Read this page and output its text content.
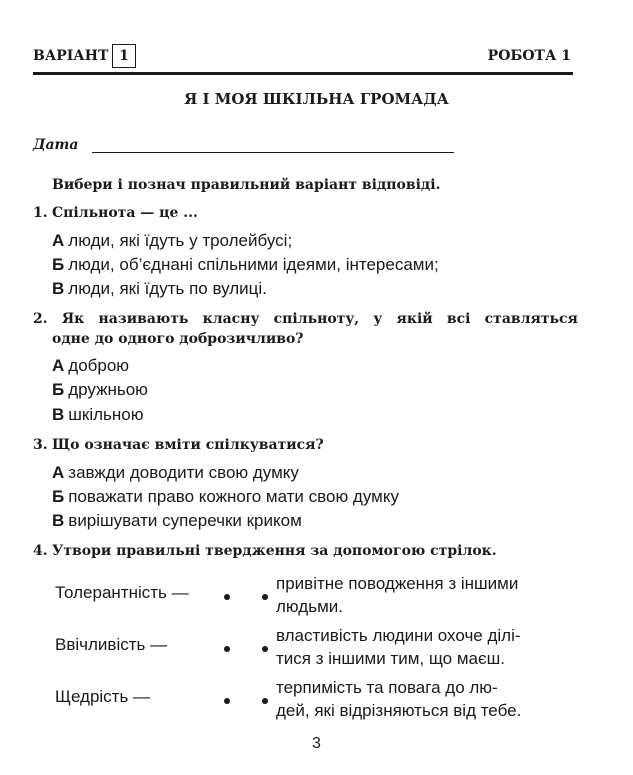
ВАРІАНТ 1	РОБОТА 1
Я І МОЯ ШКІЛЬНА ГРОМАДА
Дата
Вибери і познач правильний варіант відповіді.
1. Спільнота — це ...
А люди, які їдуть у тролейбусі;
Б люди, об’єднані спільними ідеями, інтересами;
В люди, які їдуть по вулиці.
2. Як називають класну спільноту, у якій всі ставляться
одне до одного доброзичливо?
А доброю
Б дружньою
В шкільною
3. Що означає вміти спілкуватися?
А завжди доводити свою думку
Б поважати право кожного мати свою думку
В вирішувати суперечки криком
4. Утвори правильні твердження за допомогою стрілок.
Толерантність —	привітне поводження з іншими
людьми.
Ввічливість —	властивість людини охоче ділі-
тися з іншими тим, що маєш.
Щедрість —	терпимість та повага до лю-
дей, які відрізняються від тебе.
3
